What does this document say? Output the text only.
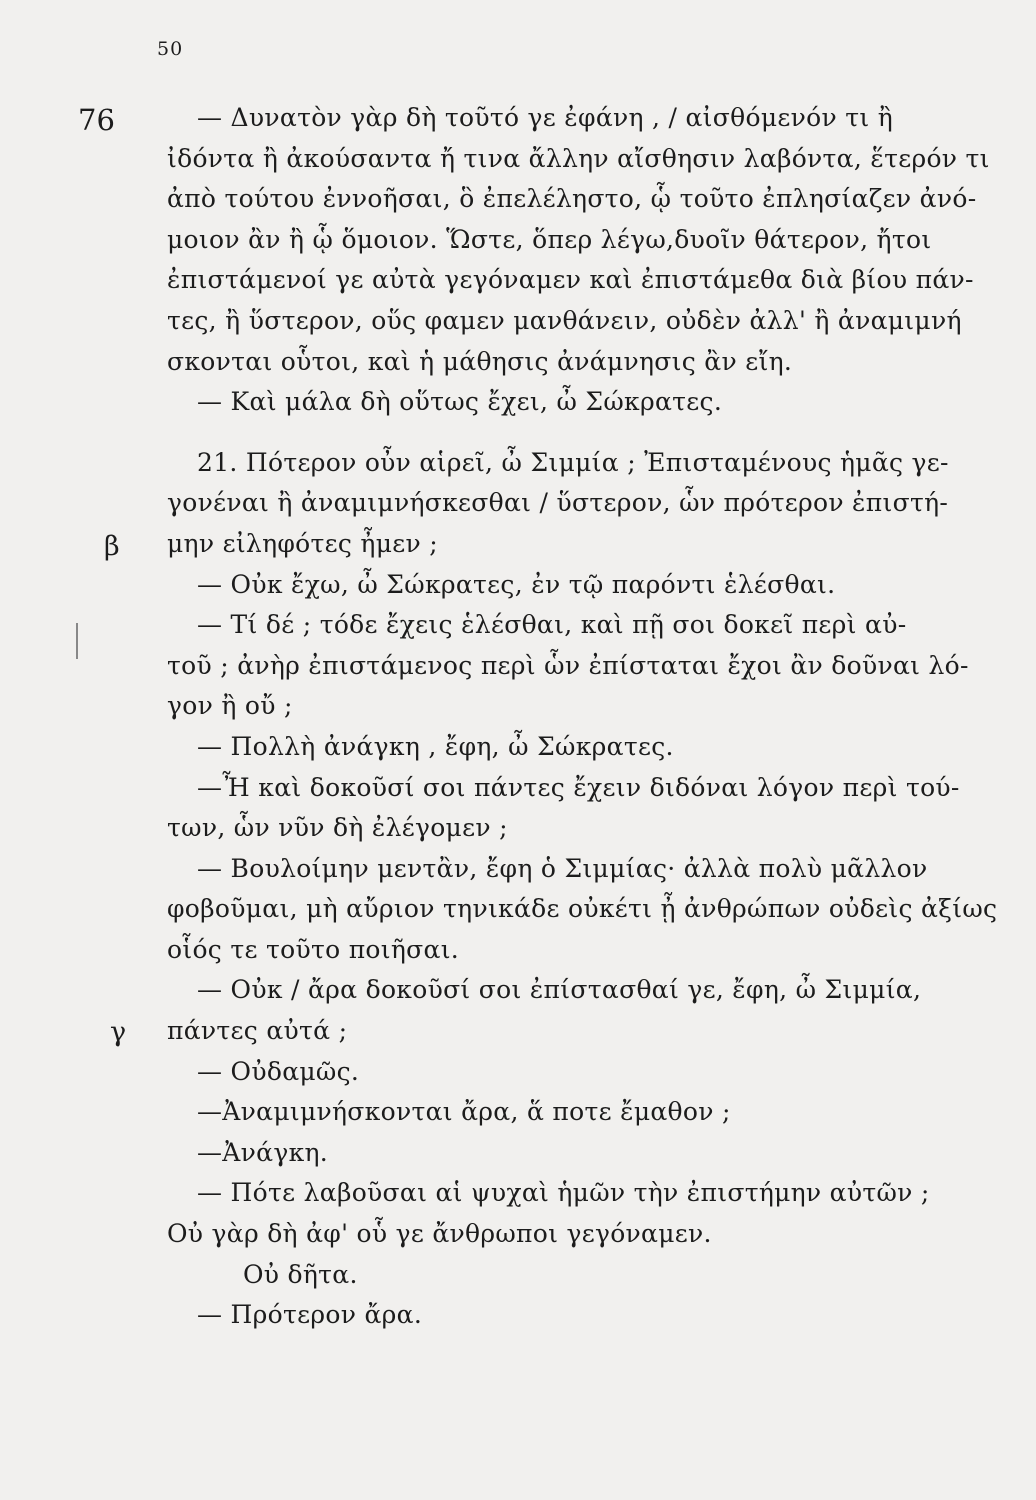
50
76
β
γ
— Δυνατὸν γὰρ δὴ τοῦτό γε ἐφάνη , / αἰσθόμενόν τι ἢ
ἰδόντα ἢ ἀκούσαντα ἤ τινα ἄλλην αἴσθησιν λαβόντα, ἕτερόν τι
ἀπὸ τούτου ἐννοῆσαι, ὃ ἐπελέληστο, ᾧ τοῦτο ἐπλησίαζεν ἀνό-
μοιον ἂν ἢ ᾧ ὅμοιον. Ὥστε, ὅπερ λέγω,δυοῖν θάτερον, ἤτοι
ἐπιστάμενοί γε αὐτὰ γεγόναμεν καὶ ἐπιστάμεθα διὰ βίου πάν-
τες, ἢ ὕστερον, οὕς φαμεν μανθάνειν, οὐδὲν ἀλλ' ἢ ἀναμιμνή
σκονται οὗτοι, καὶ ἡ μάθησις ἀνάμνησις ἂν εἴη.
— Καὶ μάλα δὴ οὕτως ἔχει, ὦ Σώκρατες.
21. Πότερον οὖν αἱρεῖ, ὦ Σιμμία ; Ἐπισταμένους ἡμᾶς γε-
γονέναι ἢ ἀναμιμνήσκεσθαι / ὕστερον, ὧν πρότερον ἐπιστή-
μην εἰληφότες ἦμεν ;
— Οὐκ ἔχω, ὦ Σώκρατες, ἐν τῷ παρόντι ἑλέσθαι.
— Τί δέ ; τόδε ἔχεις ἑλέσθαι, καὶ πῇ σοι δοκεῖ περὶ αὐ-
τοῦ ; ἀνὴρ ἐπιστάμενος περὶ ὧν ἐπίσταται ἔχοι ἂν δοῦναι λό-
γον ἢ οὔ ;
— Πολλὴ ἀνάγκη , ἔφη, ὦ Σώκρατες.
—Ἦ καὶ δοκοῦσί σοι πάντες ἔχειν διδόναι λόγον περὶ τού-
των, ὧν νῦν δὴ ἐλέγομεν ;
— Βουλοίμην μεντἂν, ἔφη ὁ Σιμμίας· ἀλλὰ πολὺ μᾶλλον
φοβοῦμαι, μὴ αὔριον τηνικάδε οὐκέτι ᾖ ἀνθρώπων οὐδεὶς ἀξίως
οἷός τε τοῦτο ποιῆσαι.
— Οὐκ / ἄρα δοκοῦσί σοι ἐπίστασθαί γε, ἔφη, ὦ Σιμμία,
πάντες αὐτά ;
— Οὐδαμῶς.
—Ἀναμιμνήσκονται ἄρα, ἅ ποτε ἔμαθον ;
—Ἀνάγκη.
— Πότε λαβοῦσαι αἱ ψυχαὶ ἡμῶν τὴν ἐπιστήμην αὐτῶν ;
Οὐ γὰρ δὴ ἀφ' οὗ γε ἄνθρωποι γεγόναμεν.
Οὐ δῆτα.
— Πρότερον ἄρα.
